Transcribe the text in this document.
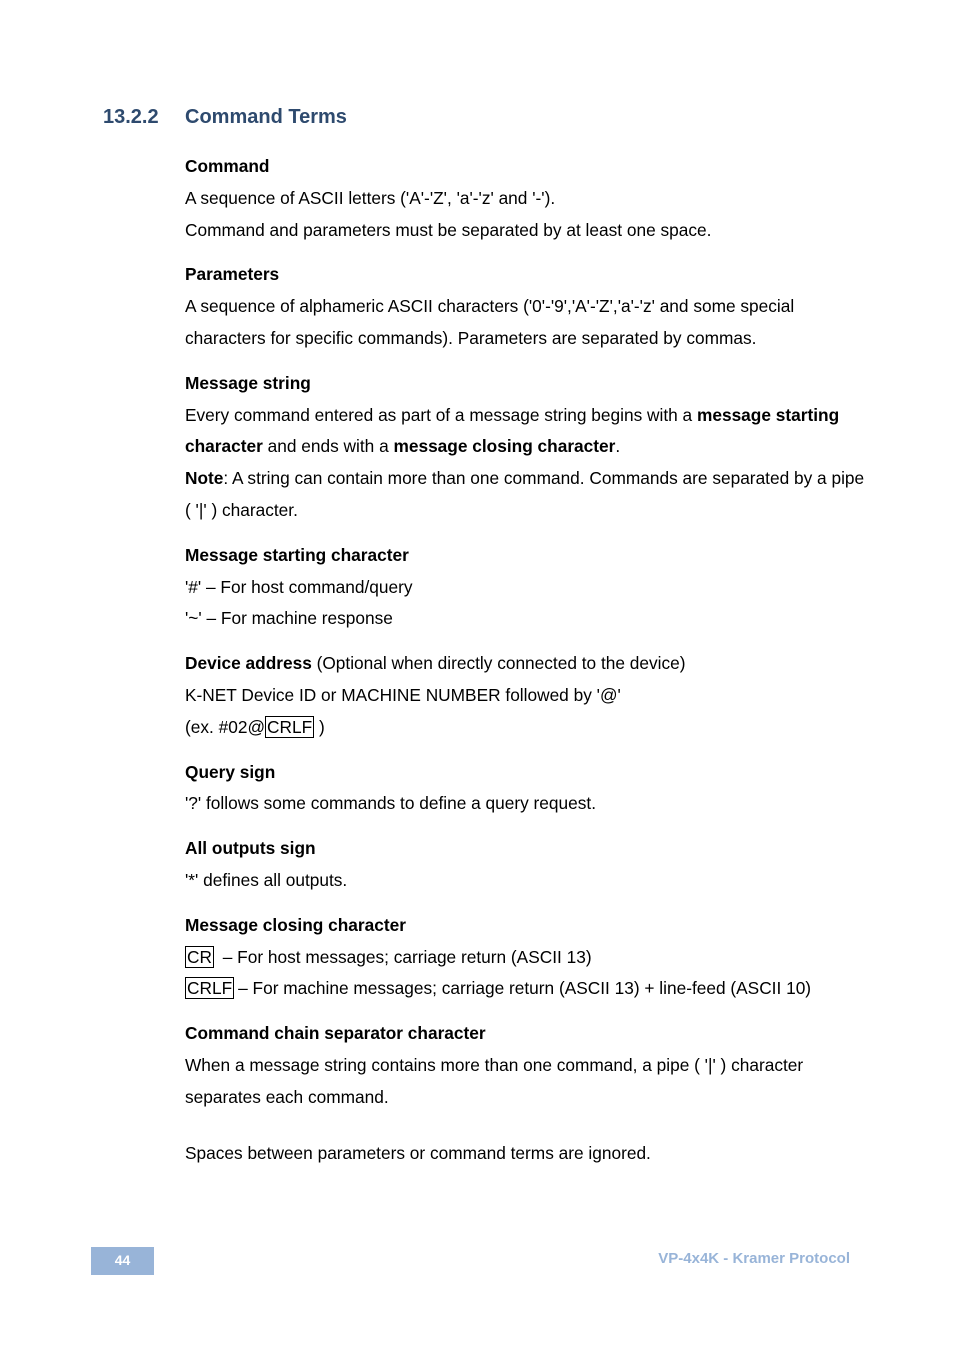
13.2.2 Command Terms

Command

A sequence of ASCII letters ('A'-'Z', 'a'-'z' and '-').

Command and parameters must be separated by at least one space.

Parameters

A sequence of alphameric ASCII characters ('0'-'9','A'-'Z','a'-'z' and some special characters for specific commands). Parameters are separated by commas.

Message string

Every command entered as part of a message string begins with a message starting character and ends with a message closing character.

Note: A string can contain more than one command. Commands are separated by a pipe ( '|' ) character.

Message starting character

'#' – For host command/query

'~' – For machine response

Device address (Optional when directly connected to the device)

K-NET Device ID or MACHINE NUMBER followed by '@'

(ex. #02@ CRLF )

Query sign

'?' follows some commands to define a query request.

All outputs sign

'*' defines all outputs.

Message closing character

CR – For host messages; carriage return (ASCII 13)

CRLF – For machine messages; carriage return (ASCII 13) + line-feed (ASCII 10)

Command chain separator character

When a message string contains more than one command, a pipe ( '|' ) character separates each command.

Spaces between parameters or command terms are ignored.

44	VP-4x4K - Kramer Protocol
